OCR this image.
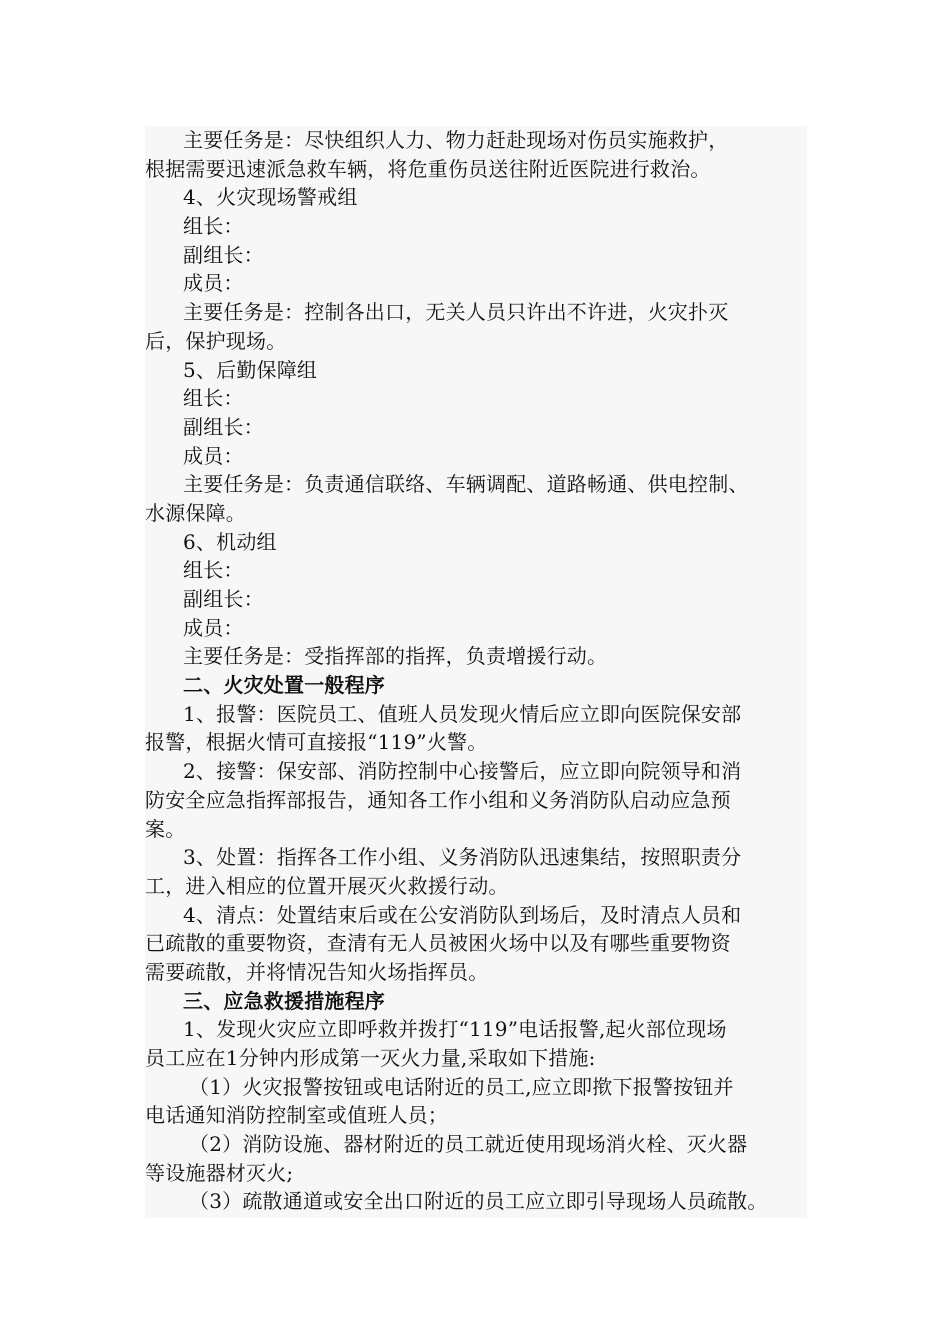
主要任务是：尽快组织人力、物力赶赴现场对伤员实施救护，
根据需要迅速派急救车辆，将危重伤员送往附近医院进行救治。
4、火灾现场警戒组
组长：
副组长：
成员：
主要任务是：控制各出口，无关人员只许出不许进，火灾扑灭
后，保护现场。
5、后勤保障组
组长：
副组长：
成员：
主要任务是：负责通信联络、车辆调配、道路畅通、供电控制、
水源保障。
6、机动组
组长：
副组长：
成员：
主要任务是：受指挥部的指挥，负责增援行动。
二、火灾处置一般程序
1、报警：医院员工、值班人员发现火情后应立即向医院保安部
报警，根据火情可直接报“119”火警。
2、接警：保安部、消防控制中心接警后，应立即向院领导和消
防安全应急指挥部报告，通知各工作小组和义务消防队启动应急预
案。
3、处置：指挥各工作小组、义务消防队迅速集结，按照职责分
工，进入相应的位置开展灭火救援行动。
4、清点：处置结束后或在公安消防队到场后，及时清点人员和
已疏散的重要物资，查清有无人员被困火场中以及有哪些重要物资
需要疏散，并将情况告知火场指挥员。
三、应急救援措施程序
1、发现火灾应立即呼救并拨打“119”电话报警,起火部位现场
员工应在1分钟内形成第一灭火力量,采取如下措施:
（1）火灾报警按钮或电话附近的员工,应立即揿下报警按钮并
电话通知消防控制室或值班人员；
（2）消防设施、器材附近的员工就近使用现场消火栓、灭火器
等设施器材灭火;
（3）疏散通道或安全出口附近的员工应立即引导现场人员疏散。
